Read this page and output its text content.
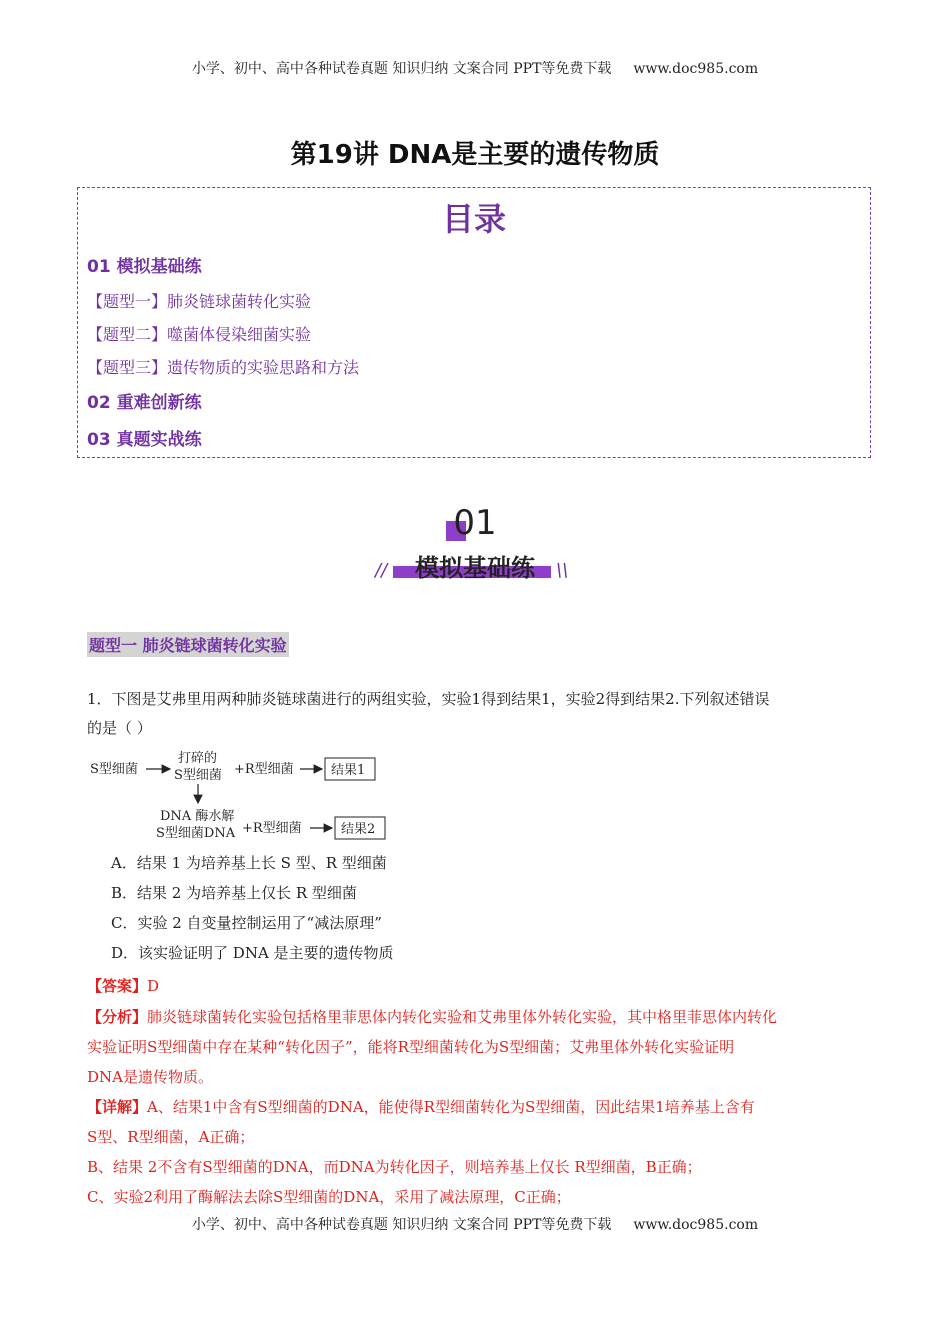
小学、初中、高中各种试卷真题 知识归纳 文案合同 PPT等免费下载 www.doc985.com
第19讲 DNA是主要的遗传物质
目录
01 模拟基础练
【题型一】肺炎链球菌转化实验
【题型二】噬菌体侵染细菌实验
【题型三】遗传物质的实验思路和方法
02 重难创新练
03 真题实战练
01
模拟基础练
//	\\
题型一 肺炎链球菌转化实验
1．下图是艾弗里用两种肺炎链球菌进行的两组实验，实验1得到结果1，实验2得到结果2.下列叙述错误
的是（ ）
S型细菌
打碎的
S型细菌 +R型细菌	结果1
DNA 酶水解
S型细菌DNA +R型细菌	结果2
A．结果 1 为培养基上长 S 型、R 型细菌
B．结果 2 为培养基上仅长 R 型细菌
C．实验 2 自变量控制运用了“减法原理”
D．该实验证明了 DNA 是主要的遗传物质
【答案】D
【分析】肺炎链球菌转化实验包括格里菲思体内转化实验和艾弗里体外转化实验，其中格里菲思体内转化
实验证明S型细菌中存在某种“转化因子”，能将R型细菌转化为S型细菌；艾弗里体外转化实验证明
DNA是遗传物质。
【详解】A、结果1中含有S型细菌的DNA，能使得R型细菌转化为S型细菌，因此结果1培养基上含有
S型、R型细菌，A正确；
B、结果 2不含有S型细菌的DNA，而DNA为转化因子，则培养基上仅长 R型细菌，B正确；
C、实验2利用了酶解法去除S型细菌的DNA，采用了减法原理，C正确；
小学、初中、高中各种试卷真题 知识归纳 文案合同 PPT等免费下载 www.doc985.com
